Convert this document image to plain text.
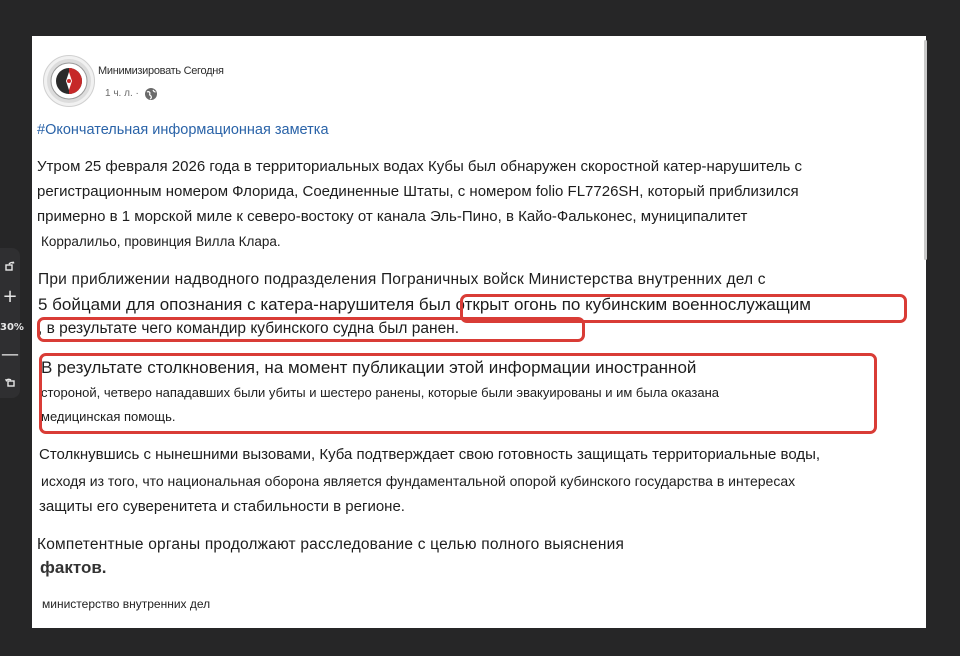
+
30%
—
Минимизировать Сегодня
1 ч. л. ·
#Окончательная информационная заметка
Утром 25 февраля 2026 года в территориальных водах Кубы был обнаружен скоростной катер-нарушитель с
регистрационным номером Флорида, Соединенные Штаты, с номером folio FL7726SH, который приблизился
примерно в 1 морской миле к северо-востоку от канала Эль-Пино, в Кайо-Фальконес, муниципалитет
Корралильо, провинция Вилла Клара.
При приближении надводного подразделения Пограничных войск Министерства внутренних дел с
5 бойцами для опознания с катера-нарушителя был открыт огонь по кубинским военнослужащим
, в результате чего командир кубинского судна был ранен.
В результате столкновения, на момент публикации этой информации иностранной
стороной, четверо нападавших были убиты и шестеро ранены, которые были эвакуированы и им была оказана
медицинская помощь.
Столкнувшись с нынешними вызовами, Куба подтверждает свою готовность защищать территориальные воды,
исходя из того, что национальная оборона является фундаментальной опорой кубинского государства в интересах
защиты его суверенитета и стабильности в регионе.
Компетентные органы продолжают расследование с целью полного выяснения
фактов.
министерство внутренних дел
